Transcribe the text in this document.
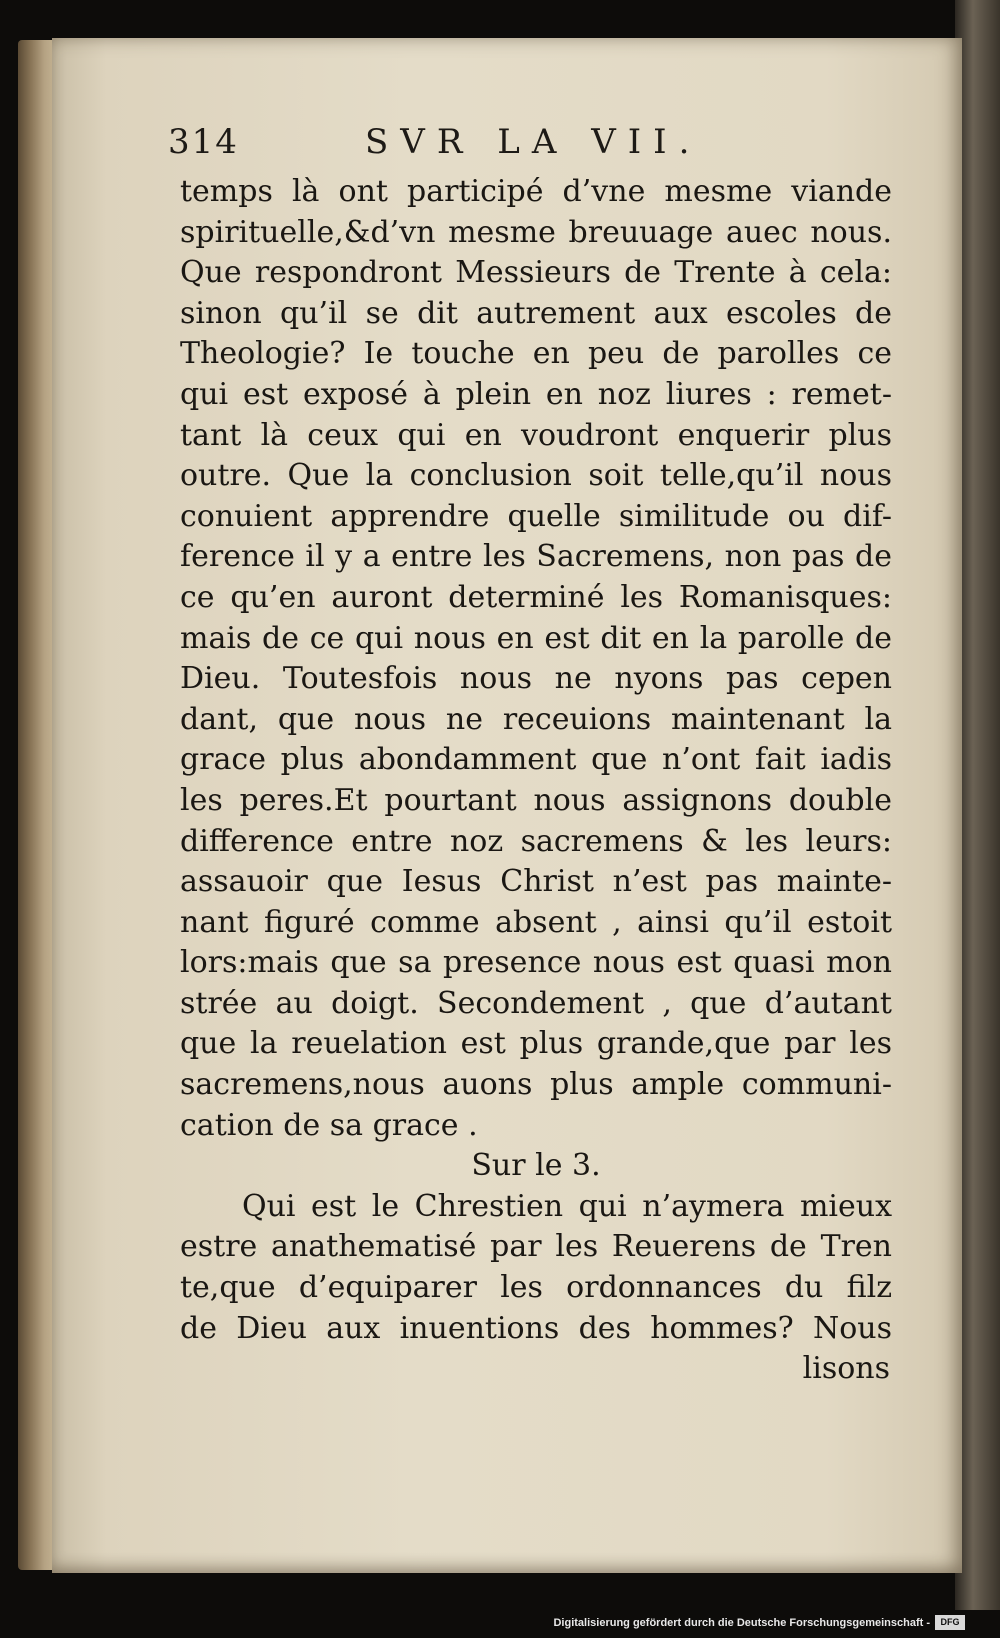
314	SVR LA VII.
temps là ont participé d’vne mesme viande
spirituelle,&d’vn mesme breuuage auec nous.
Que respondront Messieurs de Trente à cela:
sinon qu’il se dit autrement aux escoles de
Theologie? Ie touche en peu de parolles ce
qui est exposé à plein en noz liures : remet-
tant là ceux qui en voudront enquerir plus
outre. Que la conclusion soit telle,qu’il nous
conuient apprendre quelle similitude ou dif-
ference il y a entre les Sacremens, non pas de
ce qu’en auront determiné les Romanisques:
mais de ce qui nous en est dit en la parolle de
Dieu. Toutesfois nous ne nyons pas cepen
dant, que nous ne receuions maintenant la
grace plus abondamment que n’ont fait iadis
les peres.Et pourtant nous assignons double
difference entre noz sacremens & les leurs:
assauoir que Iesus Christ n’est pas mainte-
nant figuré comme absent , ainsi qu’il estoit
lors:mais que sa presence nous est quasi mon
strée au doigt. Secondement , que d’autant
que la reuelation est plus grande,que par les
sacremens,nous auons plus ample communi-
cation de sa grace .
Sur le 3.
Qui est le Chrestien qui n’aymera mieux
estre anathematisé par les Reuerens de Tren
te,que d’equiparer les ordonnances du filz
de Dieu aux inuentions des hommes? Nous
lisons
Digitalisierung gefördert durch die Deutsche Forschungsgemeinschaft -	DFG
